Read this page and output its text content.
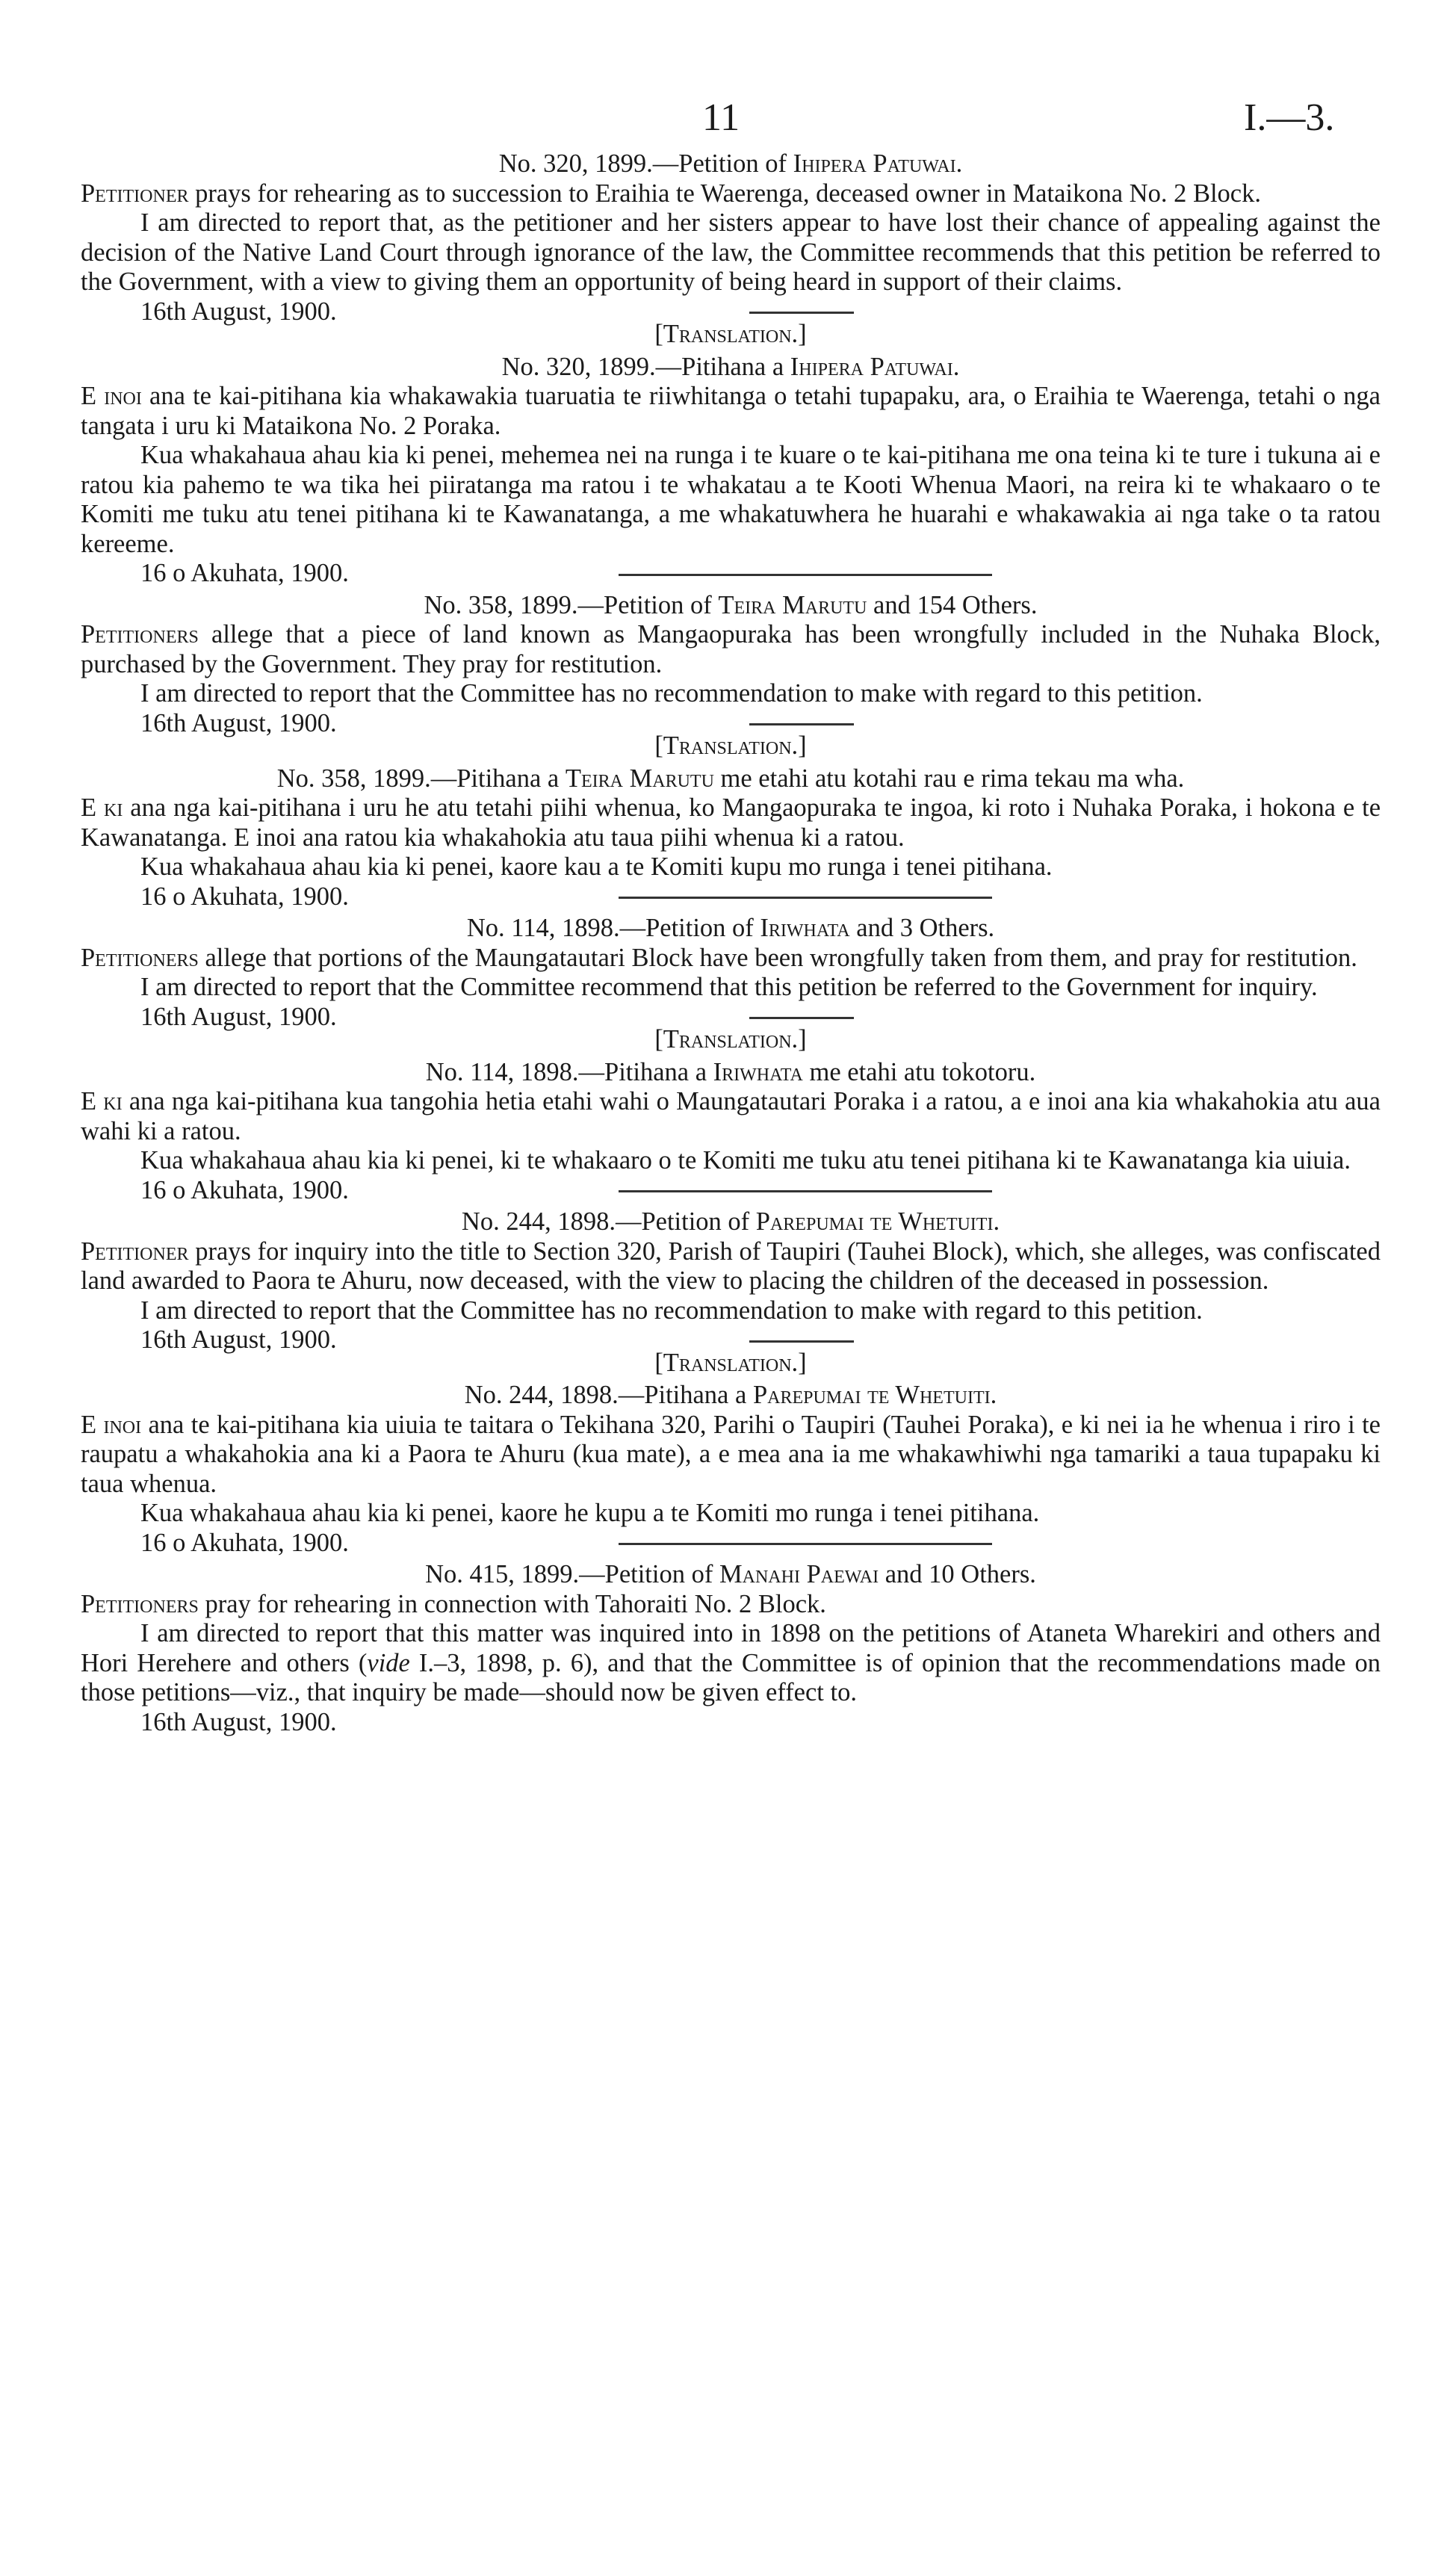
11	I.—3.

No. 320, 1899.—Petition of Ihipera Patuwai.

Petitioner prays for rehearing as to succession to Eraihia te Waerenga, deceased owner in Mataikona No. 2 Block.

I am directed to report that, as the petitioner and her sisters appear to have lost their chance of appealing against the decision of the Native Land Court through ignorance of the law, the Committee recommends that this petition be referred to the Government, with a view to giving them an opportunity of being heard in support of their claims.

16th August, 1900.

[Translation.]

No. 320, 1899.—Pitihana a Ihipera Patuwai.

E inoi ana te kai-pitihana kia whakawakia tuaruatia te riiwhitanga o tetahi tupapaku, ara, o Eraihia te Waerenga, tetahi o nga tangata i uru ki Mataikona No. 2 Poraka.

Kua whakahaua ahau kia ki penei, mehemea nei na runga i te kuare o te kai-pitihana me ona teina ki te ture i tukuna ai e ratou kia pahemo te wa tika hei piiratanga ma ratou i te whakatau a te Kooti Whenua Maori, na reira ki te whakaaro o te Komiti me tuku atu tenei pitihana ki te Kawanatanga, a me whakatuwhera he huarahi e whakawakia ai nga take o ta ratou kereeme.

16 o Akuhata, 1900.

No. 358, 1899.—Petition of Teira Marutu and 154 Others.

Petitioners allege that a piece of land known as Mangaopuraka has been wrongfully included in the Nuhaka Block, purchased by the Government. They pray for restitution.

I am directed to report that the Committee has no recommendation to make with regard to this petition.

16th August, 1900.

[Translation.]

No. 358, 1899.—Pitihana a Teira Marutu me etahi atu kotahi rau e rima tekau ma wha.

E ki ana nga kai-pitihana i uru he atu tetahi piihi whenua, ko Mangaopuraka te ingoa, ki roto i Nuhaka Poraka, i hokona e te Kawanatanga. E inoi ana ratou kia whakahokia atu taua piihi whenua ki a ratou.

Kua whakahaua ahau kia ki penei, kaore kau a te Komiti kupu mo runga i tenei pitihana.

16 o Akuhata, 1900.

No. 114, 1898.—Petition of Iriwhata and 3 Others.

Petitioners allege that portions of the Maungatautari Block have been wrongfully taken from them, and pray for restitution.

I am directed to report that the Committee recommend that this petition be referred to the Government for inquiry.

16th August, 1900.

[Translation.]

No. 114, 1898.—Pitihana a Iriwhata me etahi atu tokotoru.

E ki ana nga kai-pitihana kua tangohia hetia etahi wahi o Maungatautari Poraka i a ratou, a e inoi ana kia whakahokia atu aua wahi ki a ratou.

Kua whakahaua ahau kia ki penei, ki te whakaaro o te Komiti me tuku atu tenei pitihana ki te Kawanatanga kia uiuia.

16 o Akuhata, 1900.

No. 244, 1898.—Petition of Parepumai te Whetuiti.

Petitioner prays for inquiry into the title to Section 320, Parish of Taupiri (Tauhei Block), which, she alleges, was confiscated land awarded to Paora te Ahuru, now deceased, with the view to placing the children of the deceased in possession.

I am directed to report that the Committee has no recommendation to make with regard to this petition.

16th August, 1900.

[Translation.]

No. 244, 1898.—Pitihana a Parepumai te Whetuiti.

E inoi ana te kai-pitihana kia uiuia te taitara o Tekihana 320, Parihi o Taupiri (Tauhei Poraka), e ki nei ia he whenua i riro i te raupatu a whakahokia ana ki a Paora te Ahuru (kua mate), a e mea ana ia me whakawhiwhi nga tamariki a taua tupapaku ki taua whenua.

Kua whakahaua ahau kia ki penei, kaore he kupu a te Komiti mo runga i tenei pitihana.

16 o Akuhata, 1900.

No. 415, 1899.—Petition of Manahi Paewai and 10 Others.

Petitioners pray for rehearing in connection with Tahoraiti No. 2 Block.

I am directed to report that this matter was inquired into in 1898 on the petitions of Ataneta Wharekiri and others and Hori Herehere and others (vide I.–3, 1898, p. 6), and that the Committee is of opinion that the recommendations made on those petitions—viz., that inquiry be made—should now be given effect to.

16th August, 1900.
